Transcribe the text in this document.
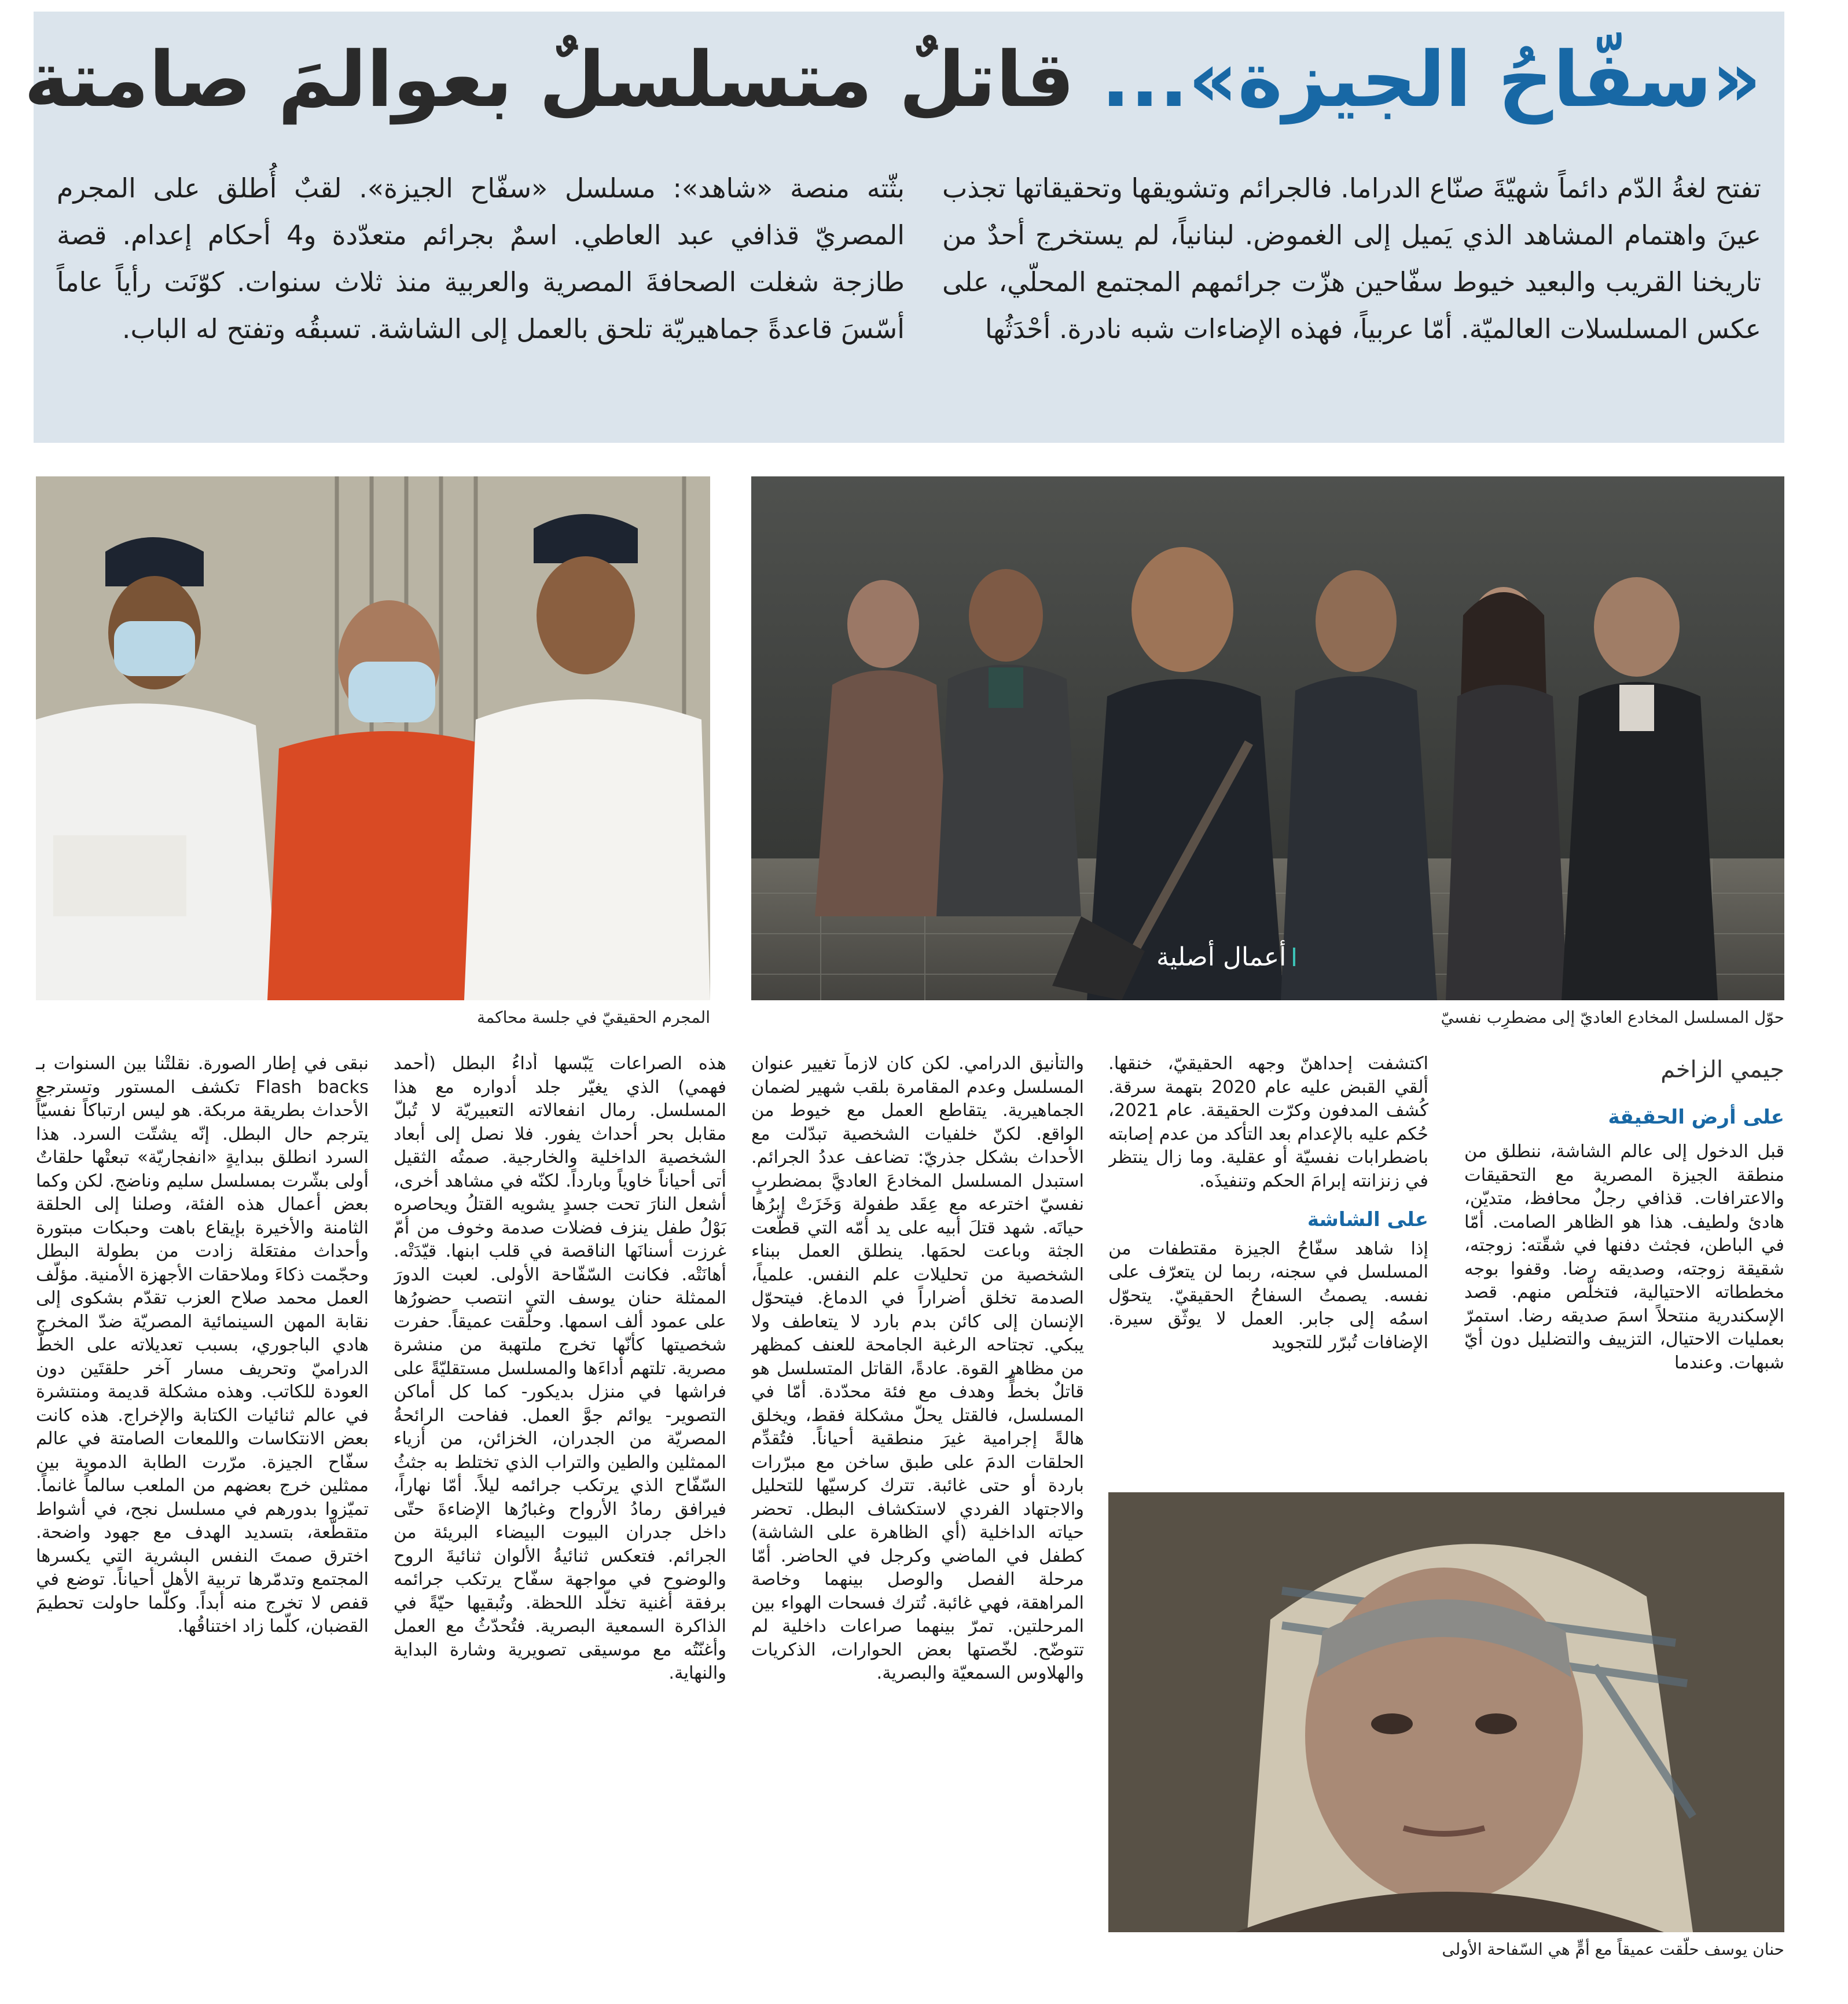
«سفّاحُ الجيزة»... قاتلٌ متسلسلٌ بعوالمَ صامتة

تفتح لغةُ الدّم دائماً شهيّةَ صنّاع الدراما. فالجرائم وتشويقها وتحقيقاتها تجذب عينَ واهتمام المشاهد الذي يَميل إلى الغموض. لبنانياً، لم يستخرج أحدٌ من تاريخنا القريب والبعيد خيوط سفّاحين هزّت جرائمهم المجتمع المحلّي، على عكس المسلسلات العالميّة. أمّا عربياً، فهذه الإضاءات شبه نادرة. أحْدَثُها

بثّته منصة «شاهد»: مسلسل «سفّاح الجيزة». لقبٌ أُطلق على المجرم المصريّ قذافي عبد العاطي. اسمٌ بجرائم متعدّدة و4 أحكام إعدام. قصة طازجة شغلت الصحافةَ المصرية والعربية منذ ثلاث سنوات. كوّنَت رأياً عاماً أسّسَ قاعدةً جماهيريّة تلحق بالعمل إلى الشاشة. تسبقُه وتفتح له الباب.

أعمال أصلية

حوّل المسلسل المخادع العاديّ إلى مضطرِب نفسيّ

المجرم الحقيقيّ في جلسة محاكمة

حنان يوسف حلّقت عميقاً مع أمٍّ هي السّفاحة الأولى

جيمي الزاخم

على أرض الحقيقة

قبل الدخول إلى عالم الشاشة، ننطلق من منطقة الجيزة المصرية مع التحقيقات والاعترافات. قذافي رجلٌ محافظ، متديّن، هادئ ولطيف. هذا هو الظاهر الصامت. أمّا في الباطن، فجثث دفنها في شقّته: زوجته، شقيقة زوجته، وصديقه رضا. وقفوا بوجه مخططاته الاحتيالية، فتخلّص منهم. قصد الإسكندرية منتحلاً اسمَ صديقه رضا. استمرّ بعمليات الاحتيال، التزييف والتضليل دون أيّ شبهات. وعندما

اكتشفت إحداهنّ وجهه الحقيقيّ، خنقها. ألقي القبض عليه عام 2020 بتهمة سرقة. كُشف المدفون وكرّت الحقيقة. عام 2021، حُكم عليه بالإعدام بعد التأكد من عدم إصابته باضطرابات نفسيّة أو عقلية. وما زال ينتظر في زنزانته إبرامَ الحكم وتنفيذَه.

على الشاشة

إذا شاهد سفّاحُ الجيزة مقتطفات من المسلسل في سجنه، ربما لن يتعرّف على نفسه. يصمتُ السفاحُ الحقيقيّ. يتحوّل اسمُه إلى جابر. العمل لا يوثّق سيرة. الإضافات تُبرّر للتجويد

والتأنيق الدرامي. لكن كان لازماً تغيير عنوان المسلسل وعدم المقامرة بلقب شهير لضمان الجماهيرية. يتقاطع العمل مع خيوط من الواقع. لكنّ خلفيات الشخصية تبدّلت مع الأحداث بشكل جذريّ: تضاعف عددُ الجرائم. استبدل المسلسل المخادعَ العاديَّ بمضطربٍ نفسيّ اخترعه مع عِقَد طفولة وَخَزَتْ إبرُها حياتَه. شهد قتلَ أبيه على يد أمّه التي قطّعت الجثة وباعت لحمَها. ينطلق العمل ببناء الشخصية من تحليلات علم النفس. علمياً، الصدمة تخلق أضراراً في الدماغ. فيتحوّل الإنسان إلى كائن بدم بارد لا يتعاطف ولا يبكي. تجتاحه الرغبة الجامحة للعنف كمظهر من مظاهر القوة. عادةً، القاتل المتسلسل هو قاتلٌ بخطٍّ وهدف مع فئة محدّدة. أمّا في المسلسل، فالقتل يحلّ مشكلة فقط، ويخلق هالةً إجرامية غيرَ منطقية أحياناً. فتُقدِّم الحلقات الدمَ على طبق ساخن مع مبرّرات باردة أو حتى غائبة. تترك كرسيّها للتحليل والاجتهاد الفردي لاستكشاف البطل. تحضر حياته الداخلية (أي الظاهرة على الشاشة) كطفل في الماضي وكرجل في الحاضر. أمّا مرحلة الفصل والوصل بينهما وخاصة المراهقة، فهي غائبة. تُترك فسحات الهواء بين المرحلتين. تمرّ بينهما صراعات داخلية لم تتوضّح. لخّصتها بعض الحوارات، الذكريات والهلاوس السمعيّة والبصرية.

هذه الصراعات يَبّسها أداءُ البطل (أحمد فهمي) الذي يغيّر جلد أدواره مع هذا المسلسل. رمال انفعالاته التعبيريّة لا تُبلّ مقابل بحر أحداث يفور. فلا نصل إلى أبعاد الشخصية الداخلية والخارجية. صمتُه الثقيل أتى أحياناً خاوياً وبارداً. لكنّه في مشاهد أخرى، أشعل النارَ تحت جسدٍ يشويه القتلُ ويحاصره بَوْلُ طفل ينزف فضلات صدمة وخوف من أمّ غرزت أسنانَها الناقصة في قلب ابنها. قيّدَتْه. أهانَتْه. فكانت السّفّاحة الأولى. لعبت الدورَ الممثلة حنان يوسف التي انتصب حضورُها على عمود ألف اسمها. وحلّقت عميقاً. حفرت شخصيتها كأنّها تخرج ملتهبة من منشرة مصرية. تلتهم أداءَها والمسلسل مستقليّةً على فراشها في منزل بديكور- كما كل أماكن التصوير- يوائم جوَّ العمل. ففاحت الرائحةُ المصريّة من الجدران، الخزائن، من أزياء الممثلين والطين والتراب الذي تختلط به جثثُ السّفّاح الذي يرتكب جرائمه ليلاً. أمّا نهاراً، فيرافق رمادُ الأرواح وغبارُها الإضاءةَ حتّى داخل جدران البيوت البيضاء البريئة من الجرائم. فتعكس ثنائيةُ الألوان ثنائيةَ الروح والوضوح في مواجهة سفّاح يرتكب جرائمه برفقة أغنية تخلّد اللحظة. وتُبقيها حيّةً في الذاكرة السمعية البصرية. فتُحدّثُ مع العمل وأغنّتُه مع موسيقى تصويرية وشارة البداية والنهاية.

نبقى في إطار الصورة. نقلتْنا بين السنوات بـ Flash backs تكشف المستور وتسترجع الأحداث بطريقة مربكة. هو ليس ارتباكاً نفسيّاً يترجم حال البطل. إنّه يشتّت السرد. هذا السرد انطلق ببدايةٍ «انفجاريّة» تبعتْها حلقاتٌ أولى بشّرت بمسلسل سليم وناضج. لكن وكما بعض أعمال هذه الفئة، وصلنا إلى الحلقة الثامنة والأخيرة بإيقاع باهت وحبكات مبتورة وأحداث مفتعَلة زادت من بطولة البطل وحجّمت ذكاءَ وملاحقات الأجهزة الأمنية. مؤلّف العمل محمد صلاح العزب تقدّم بشكوى إلى نقابة المهن السينمائية المصريّة ضدّ المخرج هادي الباجوري، بسبب تعديلاته على الخطّ الدراميّ وتحريف مسار آخر حلقتَين دون العودة للكاتب. وهذه مشكلة قديمة ومنتشرة في عالم ثنائيات الكتابة والإخراج. هذه كانت بعض الانتكاسات واللمعات الصامتة في عالم سفّاح الجيزة. مرّرت الطابة الدموية بين ممثلين خرج بعضهم من الملعب سالماً غانماً. تميّزوا بدورهم في مسلسل نجح، في أشواط متقطّعة، بتسديد الهدف مع جهود واضحة. اخترق صمتَ النفس البشرية التي يكسرها المجتمع وتدمّرها تربية الأهل أحياناً. توضع في قفص لا تخرج منه أبداً. وكلّما حاولت تحطيمَ القضبان، كلّما زاد اختناقُها.
